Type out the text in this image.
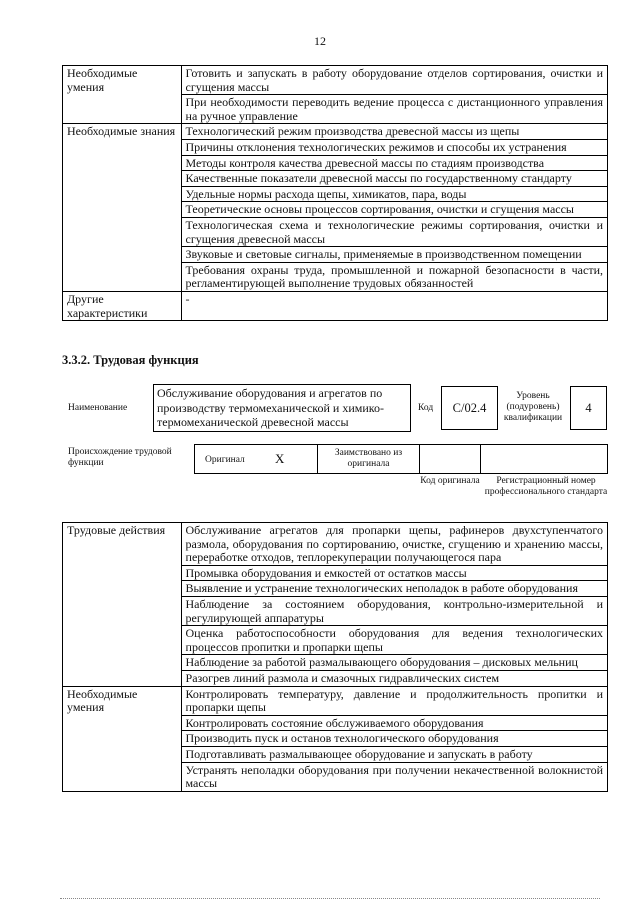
12
Необходимые умения	Готовить и запускать в работу оборудование отделов сортирования, очистки и сгущения массы
	При необходимости переводить ведение процесса с дистанционного управления на ручное управление
Необходимые знания	Технологический режим производства древесной массы из щепы
	Причины отклонения технологических режимов и способы их устранения
	Методы контроля качества древесной массы по стадиям производства
	Качественные показатели древесной массы по государственному стандарту
	Удельные нормы расхода щепы, химикатов, пара, воды
	Теоретические основы процессов сортирования, очистки и сгущения массы
	Технологическая схема и технологические режимы сортирования, очистки и сгущения древесной массы
	Звуковые и световые сигналы, применяемые в производственном помещении
	Требования охраны труда, промышленной и пожарной безопасности в части, регламентирующей выполнение трудовых обязанностей
Другие характеристики	-
3.3.2. Трудовая функция
Наименование
Обслуживание оборудования и агрегатов по производству термомеханической и химико-термомеханической древесной массы
Код С/02.4
Уровень (подуровень) квалификации
4
Происхождение трудовой функции	Оригинал X	Заимствовано из оригинала
Код оригинала	Регистрационный номер профессионального стандарта
Трудовые действия	Обслуживание агрегатов для пропарки щепы, рафинеров двухступенчатого размола, оборудования по сортированию, очистке, сгущению и хранению массы, переработке отходов, теплорекуперации получающегося пара
	Промывка оборудования и емкостей от остатков массы
	Выявление и устранение технологических неполадок в работе оборудования
	Наблюдение за состоянием оборудования, контрольно-измерительной и регулирующей аппаратуры
	Оценка работоспособности оборудования для ведения технологических процессов пропитки и пропарки щепы
	Наблюдение за работой размалывающего оборудования – дисковых мельниц
	Разогрев линий размола и смазочных гидравлических систем
Необходимые умения	Контролировать температуру, давление и продолжительность пропитки и пропарки щепы
	Контролировать состояние обслуживаемого оборудования
	Производить пуск и останов технологического оборудования
	Подготавливать размалывающее оборудование и запускать в работу
	Устранять неполадки оборудования при получении некачественной волокнистой массы
